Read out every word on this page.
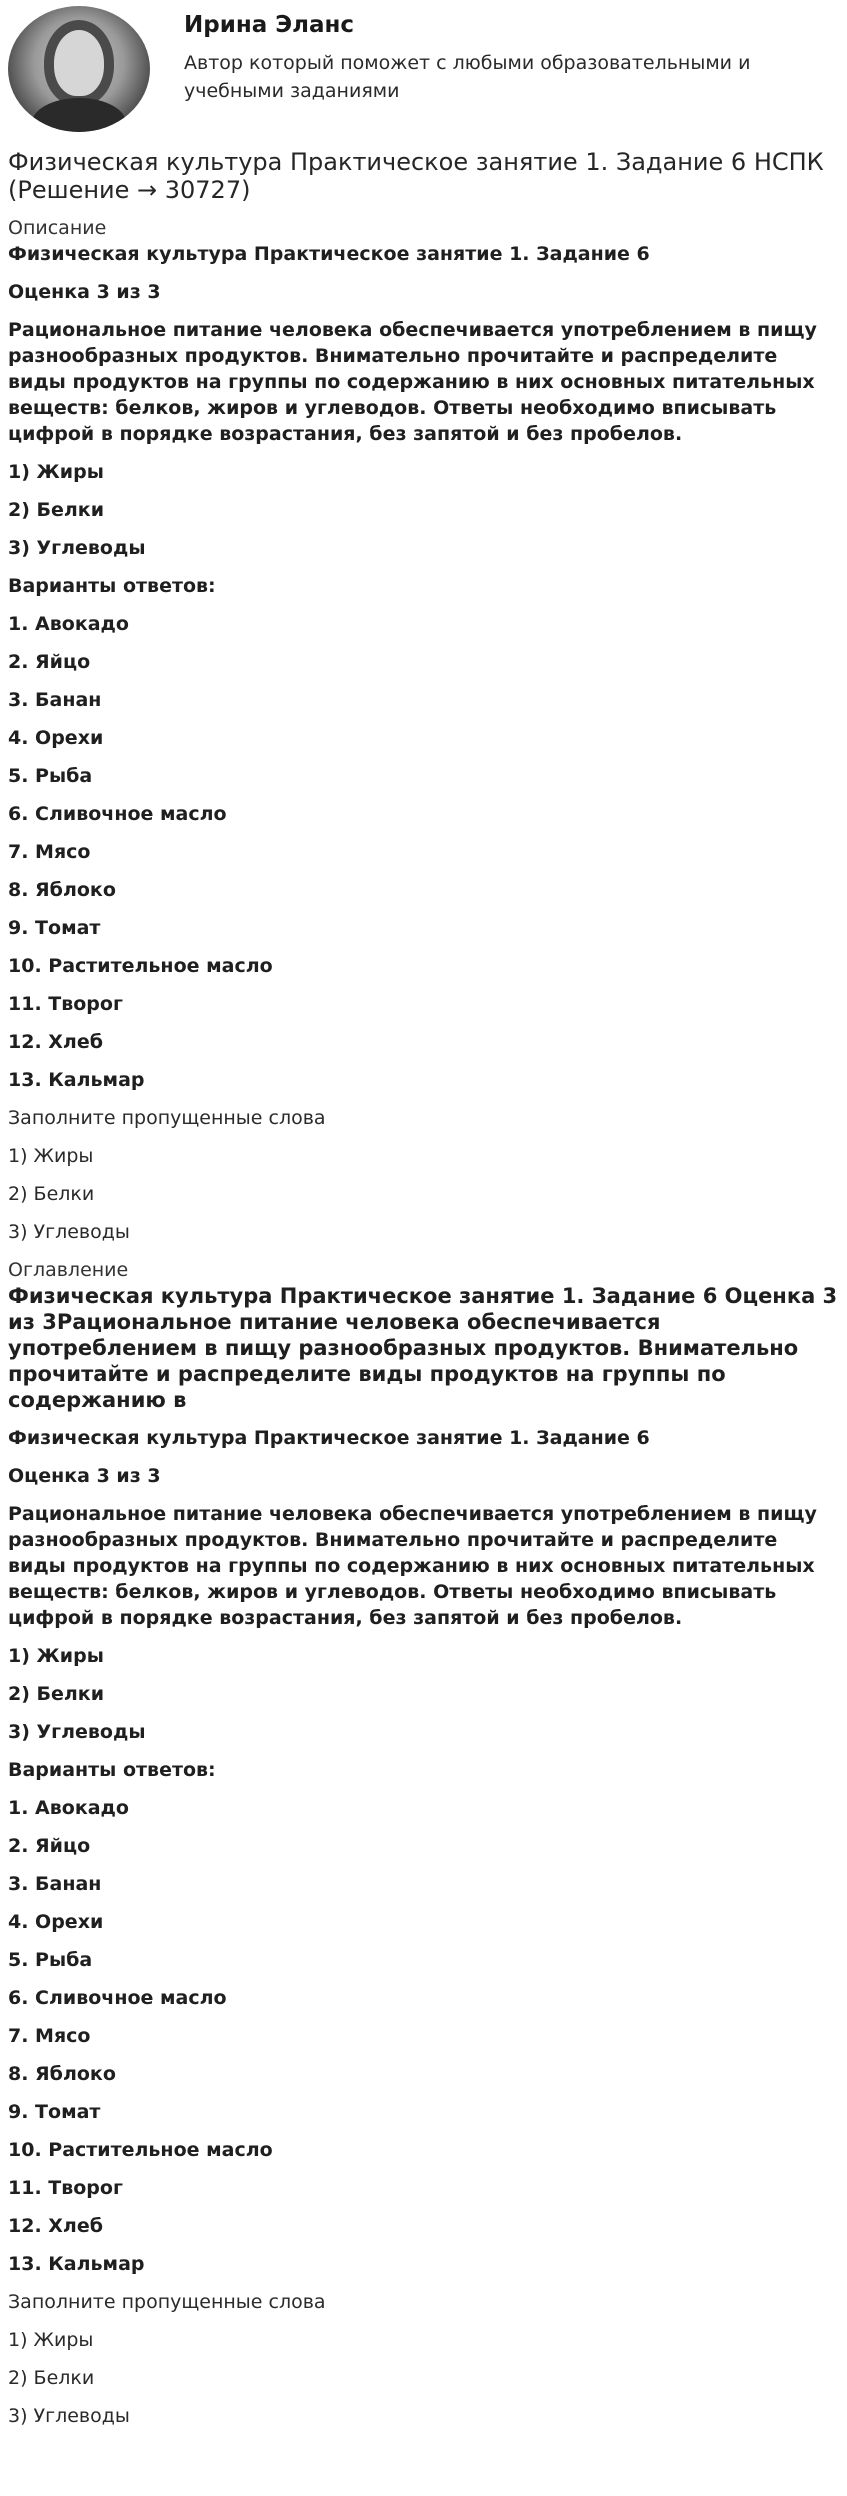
Ирина Эланс
Автор который поможет с любыми образовательными и учебными заданиями
Физическая культура Практическое занятие 1. Задание 6 НСПК (Решение → 30727)
Описание

Физическая культура Практическое занятие 1. Задание 6

Оценка 3 из 3

Рациональное питание человека обеспечивается употреблением в пищу разнообразных продуктов. Внимательно прочитайте и распределите виды продуктов на группы по содержанию в них основных питательных веществ: белков, жиров и углеводов. Ответы необходимо вписывать цифрой в порядке возрастания, без запятой и без пробелов.

1) Жиры

2) Белки

3) Углеводы

Варианты ответов:

1. Авокадо

2. Яйцо

3. Банан

4. Орехи

5. Рыба

6. Сливочное масло

7. Мясо

8. Яблоко

9. Томат

10. Растительное масло

11. Творог

12. Хлеб

13. Кальмар

Заполните пропущенные слова

1) Жиры

2) Белки

3) Углеводы

Оглавление
Физическая культура Практическое занятие 1. Задание 6 Оценка 3 из 3Рациональное питание человека обеспечивается употреблением в пищу разнообразных продуктов. Внимательно прочитайте и распределите виды продуктов на группы по содержанию в

Физическая культура Практическое занятие 1. Задание 6

Оценка 3 из 3

Рациональное питание человека обеспечивается употреблением в пищу разнообразных продуктов. Внимательно прочитайте и распределите виды продуктов на группы по содержанию в них основных питательных веществ: белков, жиров и углеводов. Ответы необходимо вписывать цифрой в порядке возрастания, без запятой и без пробелов.

1) Жиры

2) Белки

3) Углеводы

Варианты ответов:

1. Авокадо

2. Яйцо

3. Банан

4. Орехи

5. Рыба

6. Сливочное масло

7. Мясо

8. Яблоко

9. Томат

10. Растительное масло

11. Творог

12. Хлеб

13. Кальмар

Заполните пропущенные слова

1) Жиры

2) Белки

3) Углеводы
